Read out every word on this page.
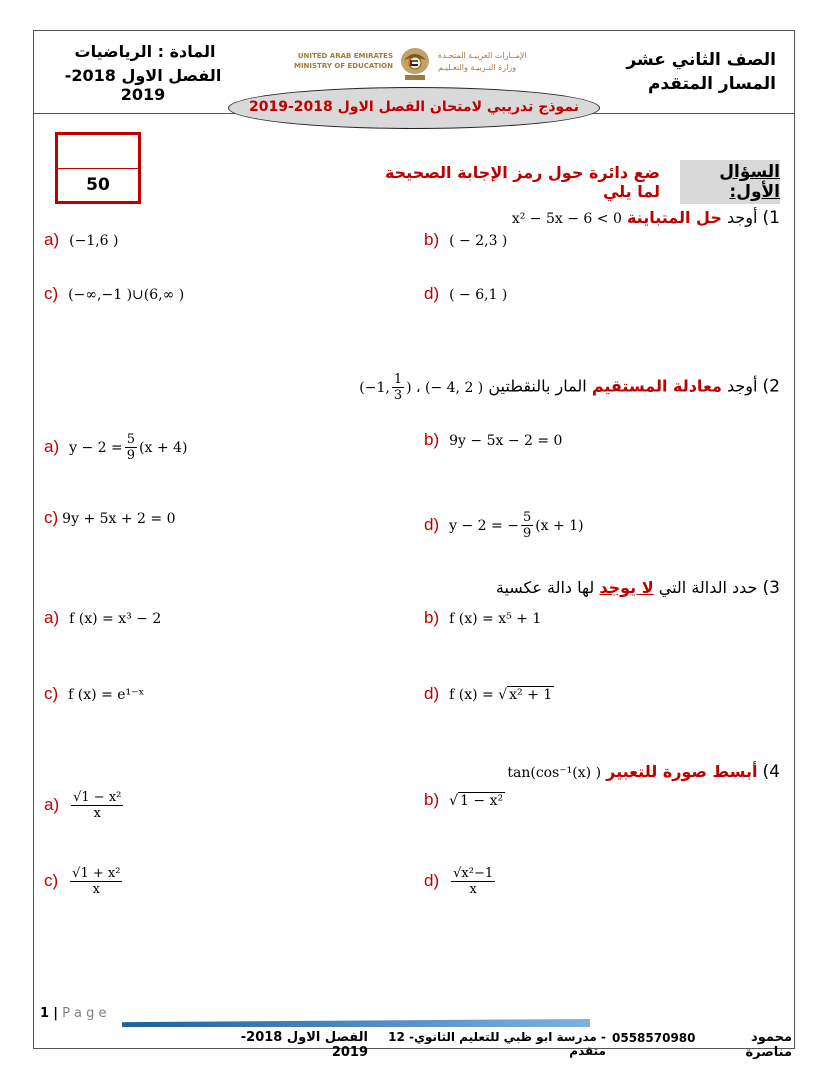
المادة : الرياضيات
الفصل الاول 2018-2019
الصف الثاني عشر
المسار المتقدم
UNITED ARAB EMIRATES
MINISTRY OF EDUCATION
الإمــارات العربيـة المتحـدة
وزارة التـربيـة والتعـليـم
نموذج تدريبي لامتحان الفصل الاول 2018-2019
50
السؤال الأول:
ضع دائرة حول رمز الإجابة الصحيحة لما يلي
1) أوجد حل المتباينة x² − 5x − 6 < 0
a) (−1,6 )	b) ( − 2,3 )
c) (−∞,−1 )∪(6,∞ )	d) ( − 6,1 )
2) أوجد معادلة المستقيم المار بالنقطتين (−1, $\frac{1}{3}$ ) ، (− 4, 2 )
a) $y - 2 = \frac{5}{9} (x + 4)$	b) 9y − 5x − 2 = 0
c) 9y + 5x + 2 = 0	d) y − 2 = − $\frac{5}{9} (x + 1)$
3) حدد الدالة التي لا يوجد لها دالة عكسية
a) f (x) = x³ − 2	b) f (x) = x⁵ + 1
c) f (x) = e¹⁻ˣ	d) f (x) = √ x² + 1
4) أبسط صورة للتعبير tan(cos⁻¹(x) )
$a) \frac{\text{√1 − x²}}{x}$	b) √ 1 − x²
$c) \frac{\text{√1 + x²}}{x}$	$d) \frac{\text{√x²−1}}{x}$
1 | P a g e
محمود مناصرة
0558570980
- مدرسة ابو ظبي للتعليم الثانوي- 12 متقدم
الفصل الاول 2018-2019
